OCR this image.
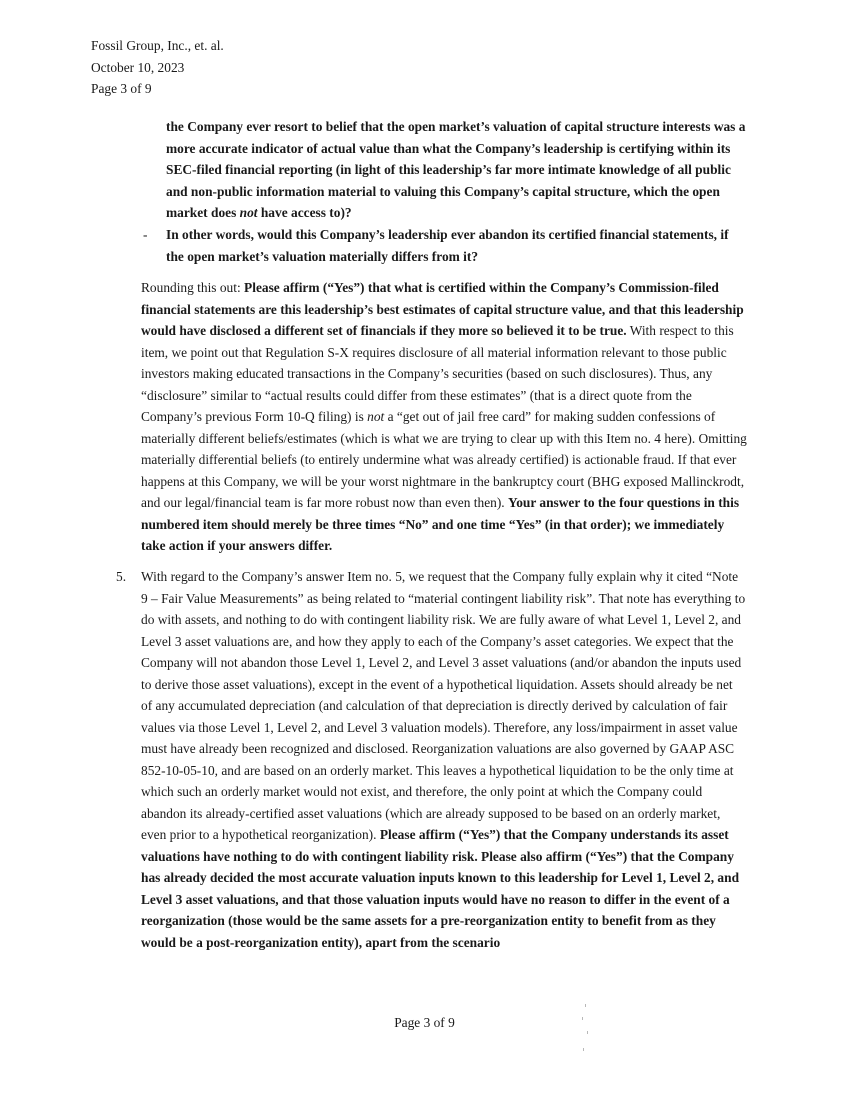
Fossil Group, Inc., et. al.
October 10, 2023
Page 3 of 9
the Company ever resort to belief that the open market’s valuation of capital structure interests was a more accurate indicator of actual value than what the Company’s leadership is certifying within its SEC-filed financial reporting (in light of this leadership’s far more intimate knowledge of all public and non-public information material to valuing this Company’s capital structure, which the open market does not have access to)?
- In other words, would this Company’s leadership ever abandon its certified financial statements, if the open market’s valuation materially differs from it?
Rounding this out: Please affirm (“Yes”) that what is certified within the Company’s Commission-filed financial statements are this leadership’s best estimates of capital structure value, and that this leadership would have disclosed a different set of financials if they more so believed it to be true. With respect to this item, we point out that Regulation S-X requires disclosure of all material information relevant to those public investors making educated transactions in the Company’s securities (based on such disclosures). Thus, any “disclosure” similar to “actual results could differ from these estimates” (that is a direct quote from the Company’s previous Form 10-Q filing) is not a “get out of jail free card” for making sudden confessions of materially different beliefs/estimates (which is what we are trying to clear up with this Item no. 4 here). Omitting materially differential beliefs (to entirely undermine what was already certified) is actionable fraud. If that ever happens at this Company, we will be your worst nightmare in the bankruptcy court (BHG exposed Mallinckrodt, and our legal/financial team is far more robust now than even then). Your answer to the four questions in this numbered item should merely be three times “No” and one time “Yes” (in that order); we immediately take action if your answers differ.
5. With regard to the Company’s answer Item no. 5, we request that the Company fully explain why it cited “Note 9 – Fair Value Measurements” as being related to “material contingent liability risk”. That note has everything to do with assets, and nothing to do with contingent liability risk. We are fully aware of what Level 1, Level 2, and Level 3 asset valuations are, and how they apply to each of the Company’s asset categories. We expect that the Company will not abandon those Level 1, Level 2, and Level 3 asset valuations (and/or abandon the inputs used to derive those asset valuations), except in the event of a hypothetical liquidation. Assets should already be net of any accumulated depreciation (and calculation of that depreciation is directly derived by calculation of fair values via those Level 1, Level 2, and Level 3 valuation models). Therefore, any loss/impairment in asset value must have already been recognized and disclosed. Reorganization valuations are also governed by GAAP ASC 852-10-05-10, and are based on an orderly market. This leaves a hypothetical liquidation to be the only time at which such an orderly market would not exist, and therefore, the only point at which the Company could abandon its already-certified asset valuations (which are already supposed to be based on an orderly market, even prior to a hypothetical reorganization). Please affirm (“Yes”) that the Company understands its asset valuations have nothing to do with contingent liability risk. Please also affirm (“Yes”) that the Company has already decided the most accurate valuation inputs known to this leadership for Level 1, Level 2, and Level 3 asset valuations, and that those valuation inputs would have no reason to differ in the event of a reorganization (those would be the same assets for a pre-reorganization entity to benefit from as they would be a post-reorganization entity), apart from the scenario
Page 3 of 9
